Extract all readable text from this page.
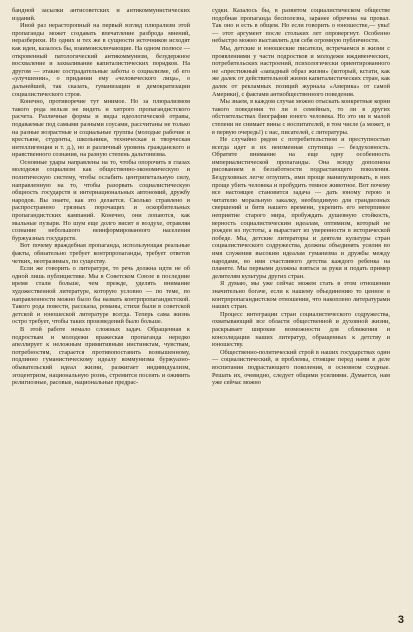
бандной засылки антисоветских и антикоммунистических изданий.

Иной раз нерасторопный на первый взгляд плюрализм этой пропаганды может создавать впечатление разброда мнений, неразберихи. Из одних и тех же в сущности источников исходят как идеи, казалось бы, взаимоисключающие. На одном полюсе — откровенный патологический антикоммунизм, безудержное восхваление и захваливание капиталистических порядков. На другом — этакие сострадательные заботы о социализме, об его «улучшении», о придании ему «человеческого лица», о дальнейшей, так сказать, гуманизации и демократизации социалистического строя.

Конечно, противоречие тут мнимое. Но за плюрализмом такого рода нельзя не видеть и хитрого пропагандистского расчета. Различные формы и виды идеологической отравы, подаваемые под самыми разными соусами, рассчитаны не только на разные возрастные и социальные группы (молодые рабочие и крестьяне, студенты, школьники, техническая и творческая интеллигенция и т. д.), но и различный уровень гражданского и нравственного сознания, на разную степень дальтонизма.

Основные удары направлены на то, чтобы опорочить в глазах молодежи социализм как общественно-экономическую и политическую систему, чтобы ослабить центрипетальную силу, направленную на то, чтобы разорвать социалистическую общность государств и интернациональных автономий, дружбу народов. Вы знаете, как это делается. Сколько стравлено и распространено грязных порочащих и оскорбительных пропагандистских кампаний. Конечно, они лопаются, как мыльные пузыри. Но шум еще долго висит в воздухе, отравляя сознание небольшого неинформированного населения буржуазных государств.

Вот почему враждебная пропаганда, использующая реальные факты, обязательно требует контрпропаганды, требует ответов четких, неотразимых, по существу.

Если же говорить о литературе, то речь должна идти не об одной лишь публицистике. Мы в Советском Союзе в последние время стали больше, чем прежде, уделять внимание художественной литературе, которую условно — по теме, по направленности можно было бы назвать контрпропагандистской. Такого рода повести, рассказы, романы, стихи были в советской детской и юношеской литературе всегда. Теперь сама жизнь остро требует, чтобы таких произведений было больше.

В этой работе немало сложных задач. Обращенная к подросткам и молодежи вражеская пропаганда нередко апеллирует к неложным примитивным инстинктам, чувствам, потребностям, старается противопоставить возвышенному, подлинно гуманистическому идеалу коммунизма буржуазно-обывательский идеал жизни, разжигает индивидуализм, эгоцентризм, национальную рознь, стремится посеять и оживить религиозные, расовые, национальные предрас-

судки. Казалось бы, в развитом социалистическом обществе подобная пропаганда бесполезна, заранее обречена на провал. Так оно и есть в общем. Но если говорить о юношестве,— увы! — этот аргумент после стольких лет опровергнут. Особенно небыстро можно выставлять для себя огромную публичности.

Мы, детские и юношеские писатели, встречаемся в жизни с проявлениями у части подростков и молодежи иждивенческих, потребительских настроений, психологически ориентированного не «престижный «западный образ жизни» (который, кстати, как же далек от действительной жизни капиталистических стран, как далек от рекламных позиций журнала «Америка» от самой Америки), с фактами антиобщественного поведения.

Мы знаем, в каждом случае можно отыскать конкретные корни такого поведения то ли в семейных, то ли в других обстоятельствах биографии юного человека. Но это ни в малой степени не снимает вины с воспитателей, в том числе (а может, и в первую очередь!) с нас, писателей, с литературы.

Не случайно рядом с потребительством и преступностью всегда идет и их неизменная спутница — бездуховность. Обратите внимание на еще одну особенность империалистической пропаганды. Она всюду дополнена рисованием в беззаботности подрастающего поколения. Бездуховных легче оглупить, ими проще манипулировать, в них проще убить человека и пробудить темное животное. Вот почему все настоящее становится задача — дать юному герою и читателю моральную закалку, необходимую для грандиозных свершений и битв нашего времени, укрепить его нетерпимое неприятие старого мира, пробуждать душевную стойкость, верность социалистическим идеалам, оптимизм, который не рожден из пустоты, а вырастает из уверенности в исторической победе. Мы, детские литераторы и деятели культуры стран социалистического содружества, должны объединять усилия во имя служения высоким идеалам гуманизма и дружбы между народами, во имя счастливого детства каждого ребенка на планете. Мы первыми должны взяться за руки и подать пример делителям культуры других стран.

Я думаю, мы уже сейчас можем стать в этом отношении значительно богаче, если к нашему объединению то ценное в контрпропагандистском отношении, что накоплено литературами наших стран.

Процесс интеграции стран социалистического содружества, охватывающий все области общественной и духовной жизни, раскрывает широкие возможности для сближения и консолидации наших литератур, обращенных к детству и юношеству.

Общественно-политический строй в наших государствах один — социалистический, и проблемы, стоящие перед нами в деле воспитания подрастающего поколения, в основном сходные. Решать их, очевидно, следует общими усилиями. Думается, нам уже сейчас можно

3
